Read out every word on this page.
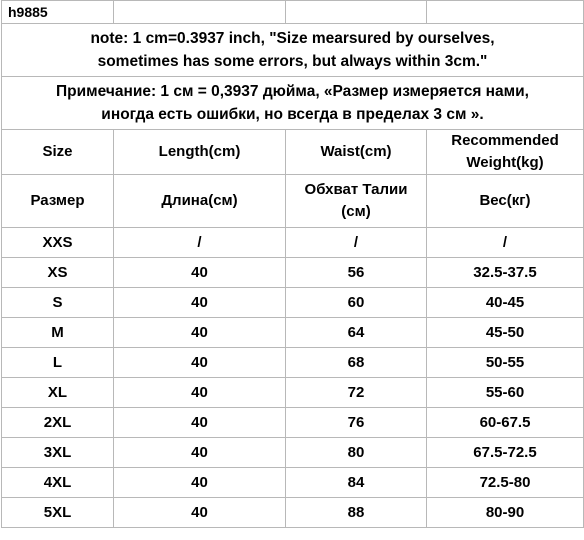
h9885			

note: 1 cm=0.3937 inch, "Size mearsured by ourselves,
sometimes has some errors, but always within 3cm."			

Примечание: 1 см = 0,3937 дюйма, «Размер измеряется нами,
иногда есть ошибки, но всегда в пределах 3 см ».			

Size	Length(cm)	Waist(cm)	Recommended
Weight(kg)

Размер	Длина(см)	Обхват Талии
(см)	Вес(кг)
XXS	/	/	/
XS	40	56	32.5-37.5
S	40	60	40-45
M	40	64	45-50
L	40	68	50-55
XL	40	72	55-60
2XL	40	76	60-67.5
3XL	40	80	67.5-72.5
4XL	40	84	72.5-80
5XL	40	88	80-90
